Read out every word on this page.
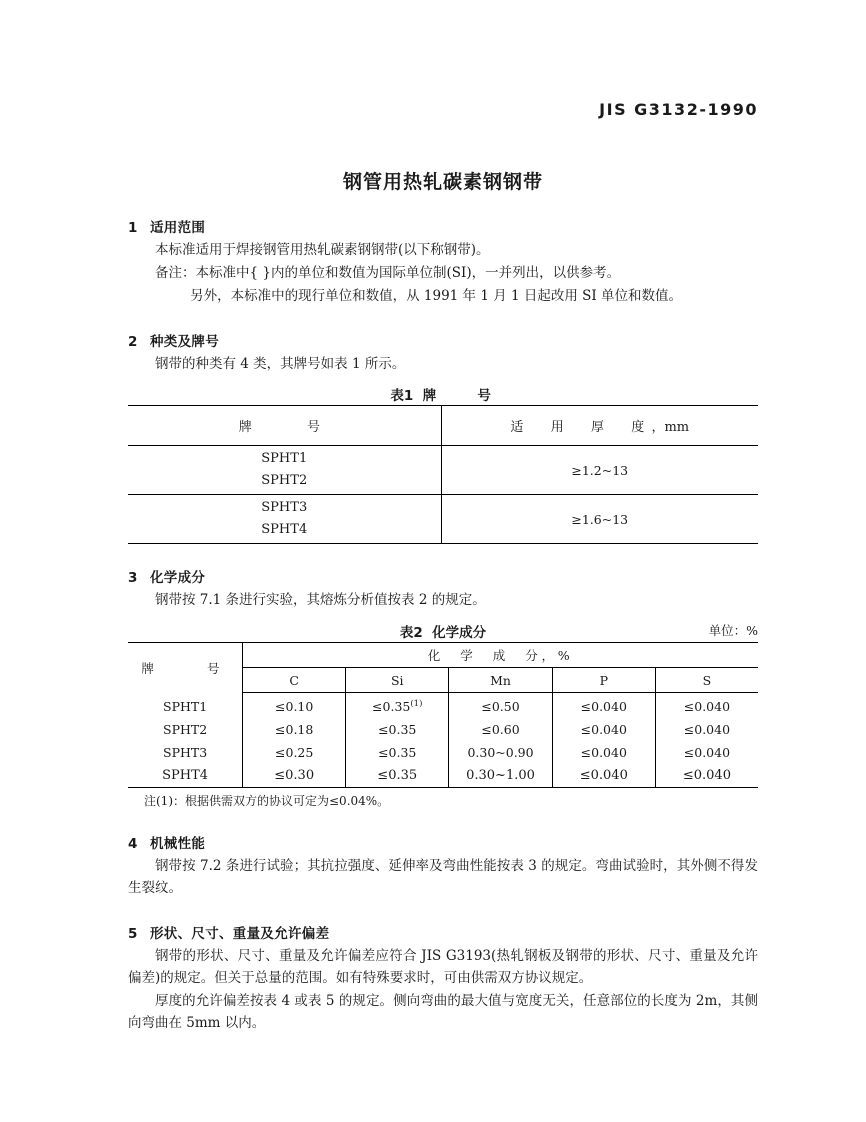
JIS G3132-1990
钢管用热轧碳素钢钢带
1 适用范围

本标准适用于焊接钢管用热轧碳素钢钢带(以下称钢带)。

备注：本标准中{ }内的单位和数值为国际单位制(SI)，一并列出，以供参考。

另外，本标准中的现行单位和数值，从 1991 年 1 月 1 日起改用 SI 单位和数值。

2 种类及牌号

钢带的种类有 4 类，其牌号如表 1 所示。

表1 牌　　号
牌　　号	适　用　厚　度，mm

SPHT1
SPHT2	≥1.2~13

SPHT3
SPHT4	≥1.6~13
3 化学成分

钢带按 7.1 条进行实验，其熔炼分析值按表 2 的规定。

表2 化学成分	单位：%
牌　　号	化　学　成　分，%				
	C	Si	Mn	P	S
SPHT1	≤0.10	≤0.35$^{(1)}$	≤0.50	≤0.040	≤0.040
SPHT2	≤0.18	≤0.35	≤0.60	≤0.040	≤0.040
SPHT3	≤0.25	≤0.35	0.30~0.90	≤0.040	≤0.040
SPHT4	≤0.30	≤0.35	0.30~1.00	≤0.040	≤0.040
注(1)：根据供需双方的协议可定为≤0.04%。
4 机械性能

钢带按 7.2 条进行试验；其抗拉强度、延伸率及弯曲性能按表 3 的规定。弯曲试验时，其外侧不得发生裂纹。

5 形状、尺寸、重量及允许偏差

钢带的形状、尺寸、重量及允许偏差应符合 JIS G3193(热轧钢板及钢带的形状、尺寸、重量及允许偏差)的规定。但关于总量的范围。如有特殊要求时，可由供需双方协议规定。

厚度的允许偏差按表 4 或表 5 的规定。侧向弯曲的最大值与宽度无关，任意部位的长度为 2m，其侧向弯曲在 5mm 以内。
